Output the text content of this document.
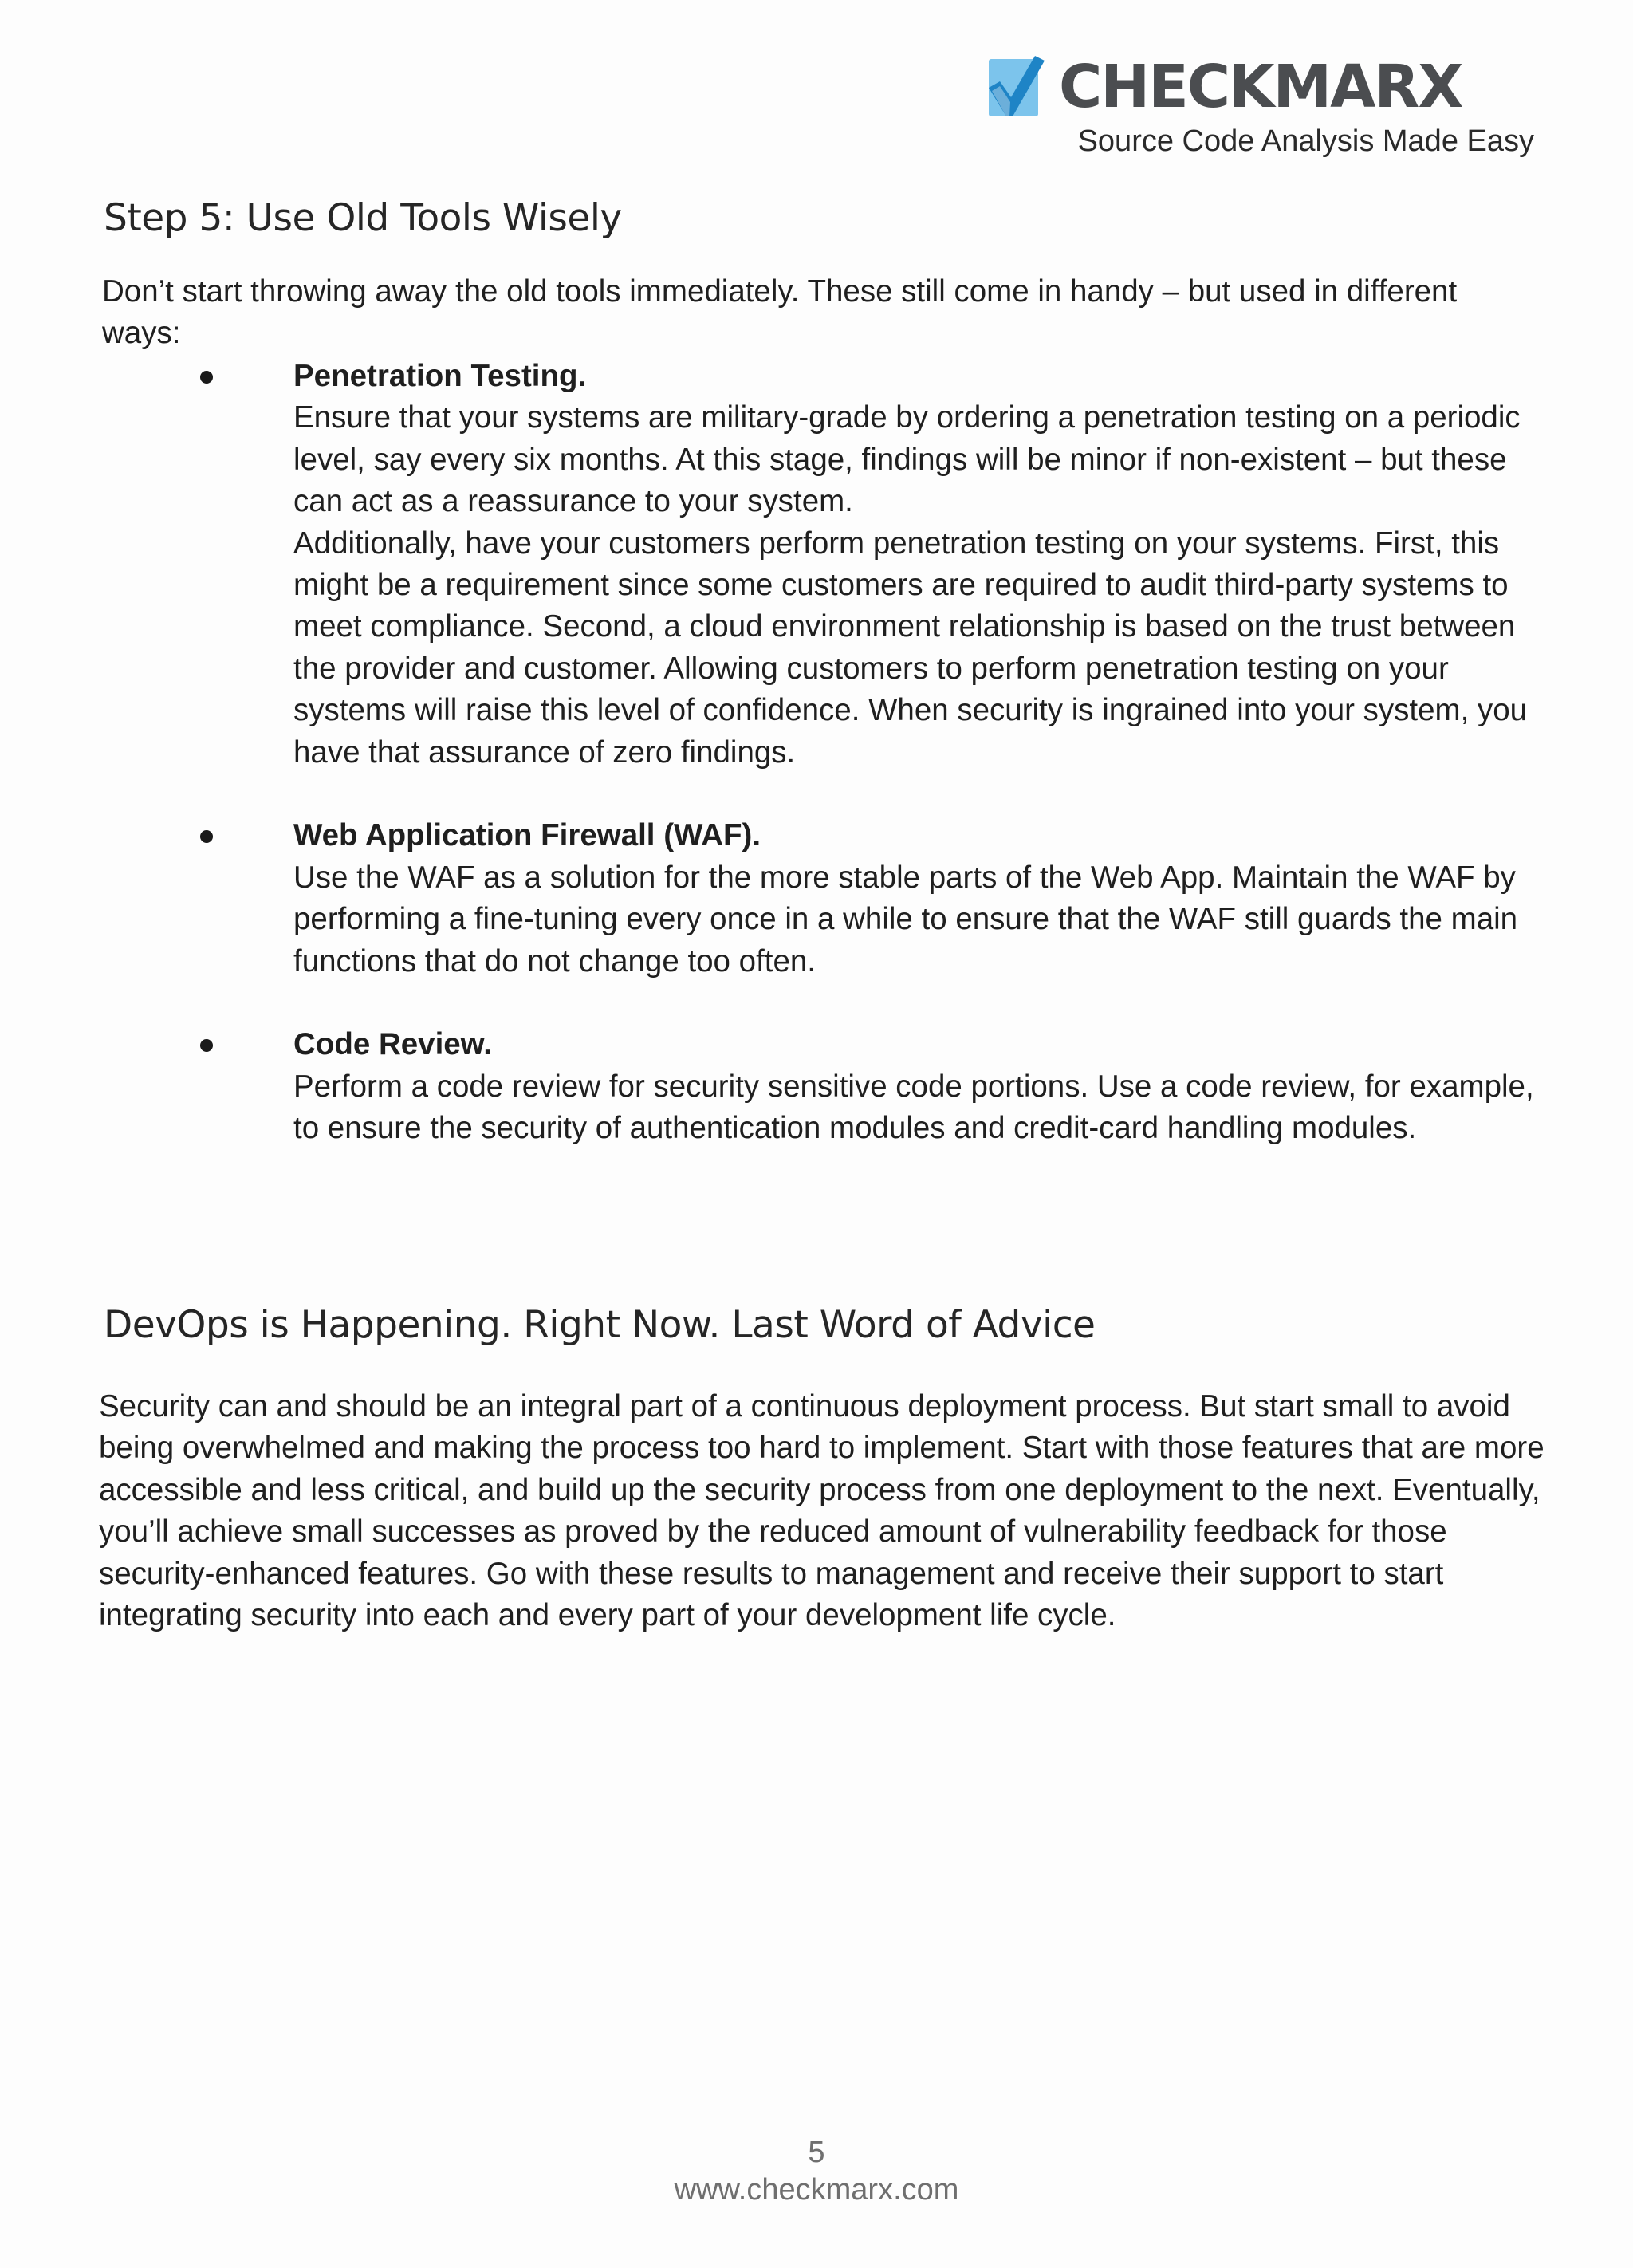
CHECKMARX
Source Code Analysis Made Easy
Step 5: Use Old Tools Wisely

Don’t start throwing away the old tools immediately. These still come in handy – but used in different ways:

Penetration Testing.
Ensure that your systems are military-grade by ordering a penetration testing on a periodic level, say every six months. At this stage, findings will be minor if non-existent – but these can act as a reassurance to your system.
Additionally, have your customers perform penetration testing on your systems. First, this might be a requirement since some customers are required to audit third-party systems to meet compliance. Second, a cloud environment relationship is based on the trust between the provider and customer. Allowing customers to perform penetration testing on your systems will raise this level of confidence. When security is ingrained into your system, you have that assurance of zero findings.
Web Application Firewall (WAF).
Use the WAF as a solution for the more stable parts of the Web App. Maintain the WAF by performing a fine-tuning every once in a while to ensure that the WAF still guards the main functions that do not change too often.
Code Review.
Perform a code review for security sensitive code portions. Use a code review, for example, to ensure the security of authentication modules and credit-card handling modules.
DevOps is Happening. Right Now. Last Word of Advice

Security can and should be an integral part of a continuous deployment process. But start small to avoid being overwhelmed and making the process too hard to implement. Start with those features that are more accessible and less critical, and build up the security process from one deployment to the next. Eventually, you’ll achieve small successes as proved by the reduced amount of vulnerability feedback for those security-enhanced features. Go with these results to management and receive their support to start integrating security into each and every part of your development life cycle.

5
www.checkmarx.com
